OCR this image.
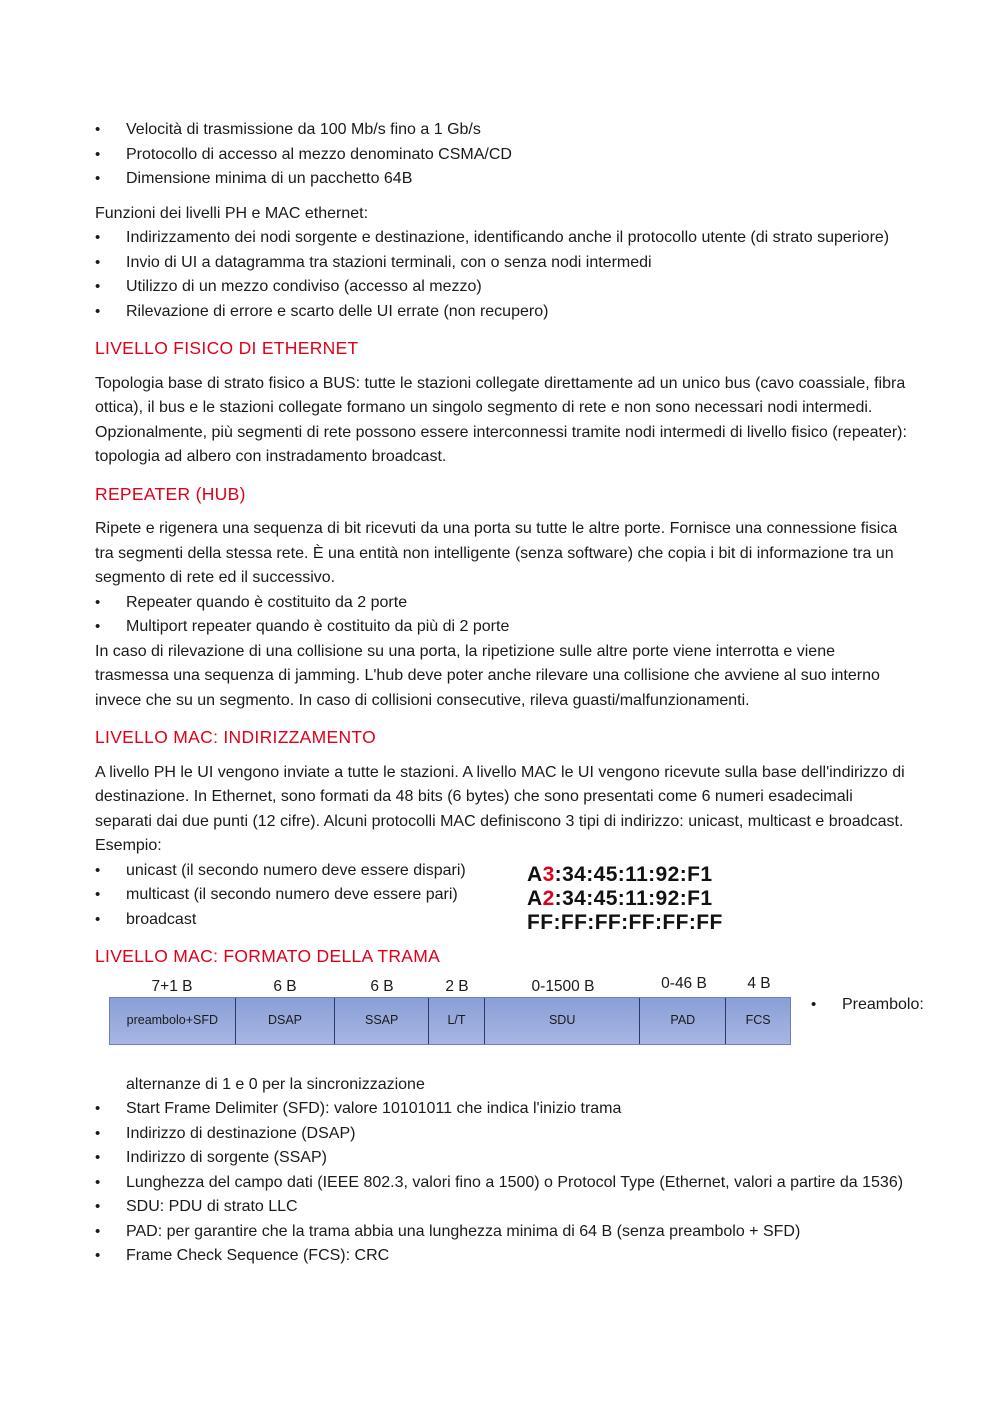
• Velocità di trasmissione da 100 Mb/s fino a 1 Gb/s
• Protocollo di accesso al mezzo denominato CSMA/CD
• Dimensione minima di un pacchetto 64B

Funzioni dei livelli PH e MAC ethernet:

• Indirizzamento dei nodi sorgente e destinazione, identificando anche il protocollo utente (di strato superiore)
• Invio di UI a datagramma tra stazioni terminali, con o senza nodi intermedi
• Utilizzo di un mezzo condiviso (accesso al mezzo)
• Rilevazione di errore e scarto delle UI errate (non recupero)
LIVELLO FISICO DI ETHERNET

Topologia base di strato fisico a BUS: tutte le stazioni collegate direttamente ad un unico bus (cavo coassiale, fibra ottica), il bus e le stazioni collegate formano un singolo segmento di rete e non sono necessari nodi intermedi. Opzionalmente, più segmenti di rete possono essere interconnessi tramite nodi intermedi di livello fisico (repeater): topologia ad albero con instradamento broadcast.

REPEATER (HUB)

Ripete e rigenera una sequenza di bit ricevuti da una porta su tutte le altre porte. Fornisce una connessione fisica tra segmenti della stessa rete. È una entità non intelligente (senza software) che copia i bit di informazione tra un segmento di rete ed il successivo.

• Repeater quando è costituito da 2 porte
• Multiport repeater quando è costituito da più di 2 porte

In caso di rilevazione di una collisione su una porta, la ripetizione sulle altre porte viene interrotta e viene trasmessa una sequenza di jamming. L'hub deve poter anche rilevare una collisione che avviene al suo interno invece che su un segmento. In caso di collisioni consecutive, rileva guasti/malfunzionamenti.

LIVELLO MAC: INDIRIZZAMENTO

A livello PH le UI vengono inviate a tutte le stazioni. A livello MAC le UI vengono ricevute sulla base dell'indirizzo di destinazione. In Ethernet, sono formati da 48 bits (6 bytes) che sono presentati come 6 numeri esadecimali separati dai due punti (12 cifre). Alcuni protocolli MAC definiscono 3 tipi di indirizzo: unicast, multicast e broadcast. Esempio:

• unicast (il secondo numero deve essere dispari)
• multicast (il secondo numero deve essere pari)
• broadcast
A3:34:45:11:92:F1
A2:34:45:11:92:F1
FF:FF:FF:FF:FF:FF
LIVELLO MAC: FORMATO DELLA TRAMA
7+1 B	6 B	6 B	2 B	0-1500 B	0-46 B	4 B
preambolo+SFD	DSAP	SSAP	L/T	SDU	PAD	FCS
• Preambolo:

alternanze di 1 e 0 per la sincronizzazione

• Start Frame Delimiter (SFD): valore 10101011 che indica l'inizio trama
• Indirizzo di destinazione (DSAP)
• Indirizzo di sorgente (SSAP)
• Lunghezza del campo dati (IEEE 802.3, valori fino a 1500) o Protocol Type (Ethernet, valori a partire da 1536)
• SDU: PDU di strato LLC
• PAD: per garantire che la trama abbia una lunghezza minima di 64 B (senza preambolo + SFD)
• Frame Check Sequence (FCS): CRC
